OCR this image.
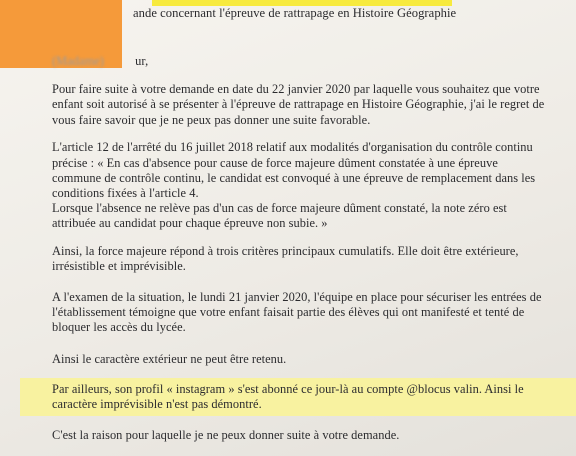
ande concernant l'épreuve de rattrapage en Histoire Géographie
(Madame)	ur,
Pour faire suite à votre demande en date du 22 janvier 2020 par laquelle vous souhaitez que votre
enfant soit autorisé à se présenter à l'épreuve de rattrapage en Histoire Géographie, j'ai le regret de
vous faire savoir que je ne peux pas donner une suite favorable.
L'article 12 de l'arrêté du 16 juillet 2018 relatif aux modalités d'organisation du contrôle continu
précise : « En cas d'absence pour cause de force majeure dûment constatée à une épreuve
commune de contrôle continu, le candidat est convoqué à une épreuve de remplacement dans les
conditions fixées à l'article 4.
Lorsque l'absence ne relève pas d'un cas de force majeure dûment constaté, la note zéro est
attribuée au candidat pour chaque épreuve non subie. »
Ainsi, la force majeure répond à trois critères principaux cumulatifs. Elle doit être extérieure,
irrésistible et imprévisible.
A l'examen de la situation, le lundi 21 janvier 2020, l'équipe en place pour sécuriser les entrées de
l'établissement témoigne que votre enfant faisait partie des élèves qui ont manifesté et tenté de
bloquer les accès du lycée.
Ainsi le caractère extérieur ne peut être retenu.
Par ailleurs, son profil « instagram » s'est abonné ce jour-là au compte @blocus valin. Ainsi le
caractère imprévisible n'est pas démontré.
C'est la raison pour laquelle je ne peux donner suite à votre demande.
